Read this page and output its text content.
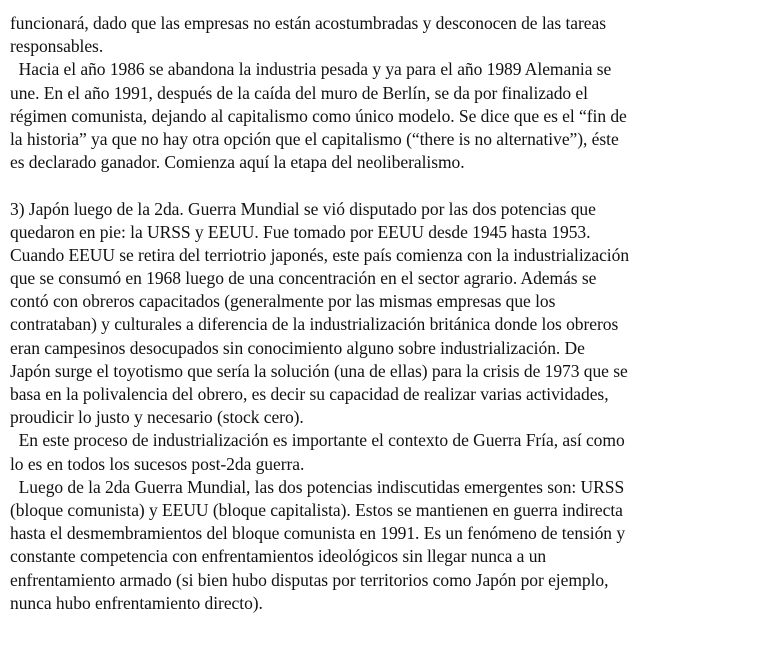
funcionará, dado que las empresas no están acostumbradas y desconocen de las tareas
responsables.
Hacia el año 1986 se abandona la industria pesada y ya para el año 1989 Alemania se
une. En el año 1991, después de la caída del muro de Berlín, se da por finalizado el
régimen comunista, dejando al capitalismo como único modelo. Se dice que es el “fin de
la historia” ya que no hay otra opción que el capitalismo (“there is no alternative”), éste
es declarado ganador. Comienza aquí la etapa del neoliberalismo.
3) Japón luego de la 2da. Guerra Mundial se vió disputado por las dos potencias que
quedaron en pie: la URSS y EEUU. Fue tomado por EEUU desde 1945 hasta 1953.
Cuando EEUU se retira del terriotrio japonés, este país comienza con la industrialización
que se consumó en 1968 luego de una concentración en el sector agrario. Además se
contó con obreros capacitados (generalmente por las mismas empresas que los
contrataban) y culturales a diferencia de la industrialización británica donde los obreros
eran campesinos desocupados sin conocimiento alguno sobre industrialización. De
Japón surge el toyotismo que sería la solución (una de ellas) para la crisis de 1973 que se
basa en la polivalencia del obrero, es decir su capacidad de realizar varias actividades,
proudicir lo justo y necesario (stock cero).
En este proceso de industrialización es importante el contexto de Guerra Fría, así como
lo es en todos los sucesos post-2da guerra.
Luego de la 2da Guerra Mundial, las dos potencias indiscutidas emergentes son: URSS
(bloque comunista) y EEUU (bloque capitalista). Estos se mantienen en guerra indirecta
hasta el desmembramientos del bloque comunista en 1991. Es un fenómeno de tensión y
constante competencia con enfrentamientos ideológicos sin llegar nunca a un
enfrentamiento armado (si bien hubo disputas por territorios como Japón por ejemplo,
nunca hubo enfrentamiento directo).
